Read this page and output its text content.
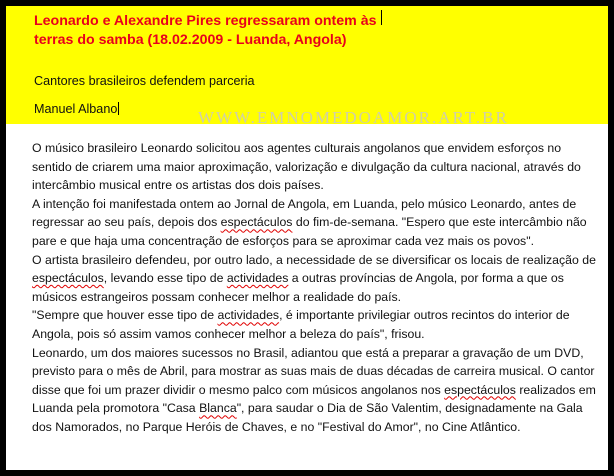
Leonardo e Alexandre Pires regressaram ontem às
terras do samba (18.02.2009 - Luanda, Angola)
Cantores brasileiros defendem parceria
Manuel Albano	WWW.EMNOMEDOAMOR.ART.BR

O músico brasileiro Leonardo solicitou aos agentes culturais angolanos que envidem esforços no sentido de criarem uma maior aproximação, valorização e divulgação da cultura nacional, através do intercâmbio musical entre os artistas dos dois países.

A intenção foi manifestada ontem ao Jornal de Angola, em Luanda, pelo músico Leonardo, antes de regressar ao seu país, depois dos espectáculos do fim-de-semana. "Espero que este intercâmbio não pare e que haja uma concentração de esforços para se aproximar cada vez mais os povos".

O artista brasileiro defendeu, por outro lado, a necessidade de se diversificar os locais de realização de espectáculos, levando esse tipo de actividades a outras províncias de Angola, por forma a que os músicos estrangeiros possam conhecer melhor a realidade do país.

"Sempre que houver esse tipo de actividades, é importante privilegiar outros recintos do interior de Angola, pois só assim vamos conhecer melhor a beleza do país", frisou.

Leonardo, um dos maiores sucessos no Brasil, adiantou que está a preparar a gravação de um DVD, previsto para o mês de Abril, para mostrar as suas mais de duas décadas de carreira musical. O cantor disse que foi um prazer dividir o mesmo palco com músicos angolanos nos espectáculos realizados em Luanda pela promotora "Casa Blanca", para saudar o Dia de São Valentim, designadamente na Gala dos Namorados, no Parque Heróis de Chaves, e no "Festival do Amor", no Cine Atlântico.
